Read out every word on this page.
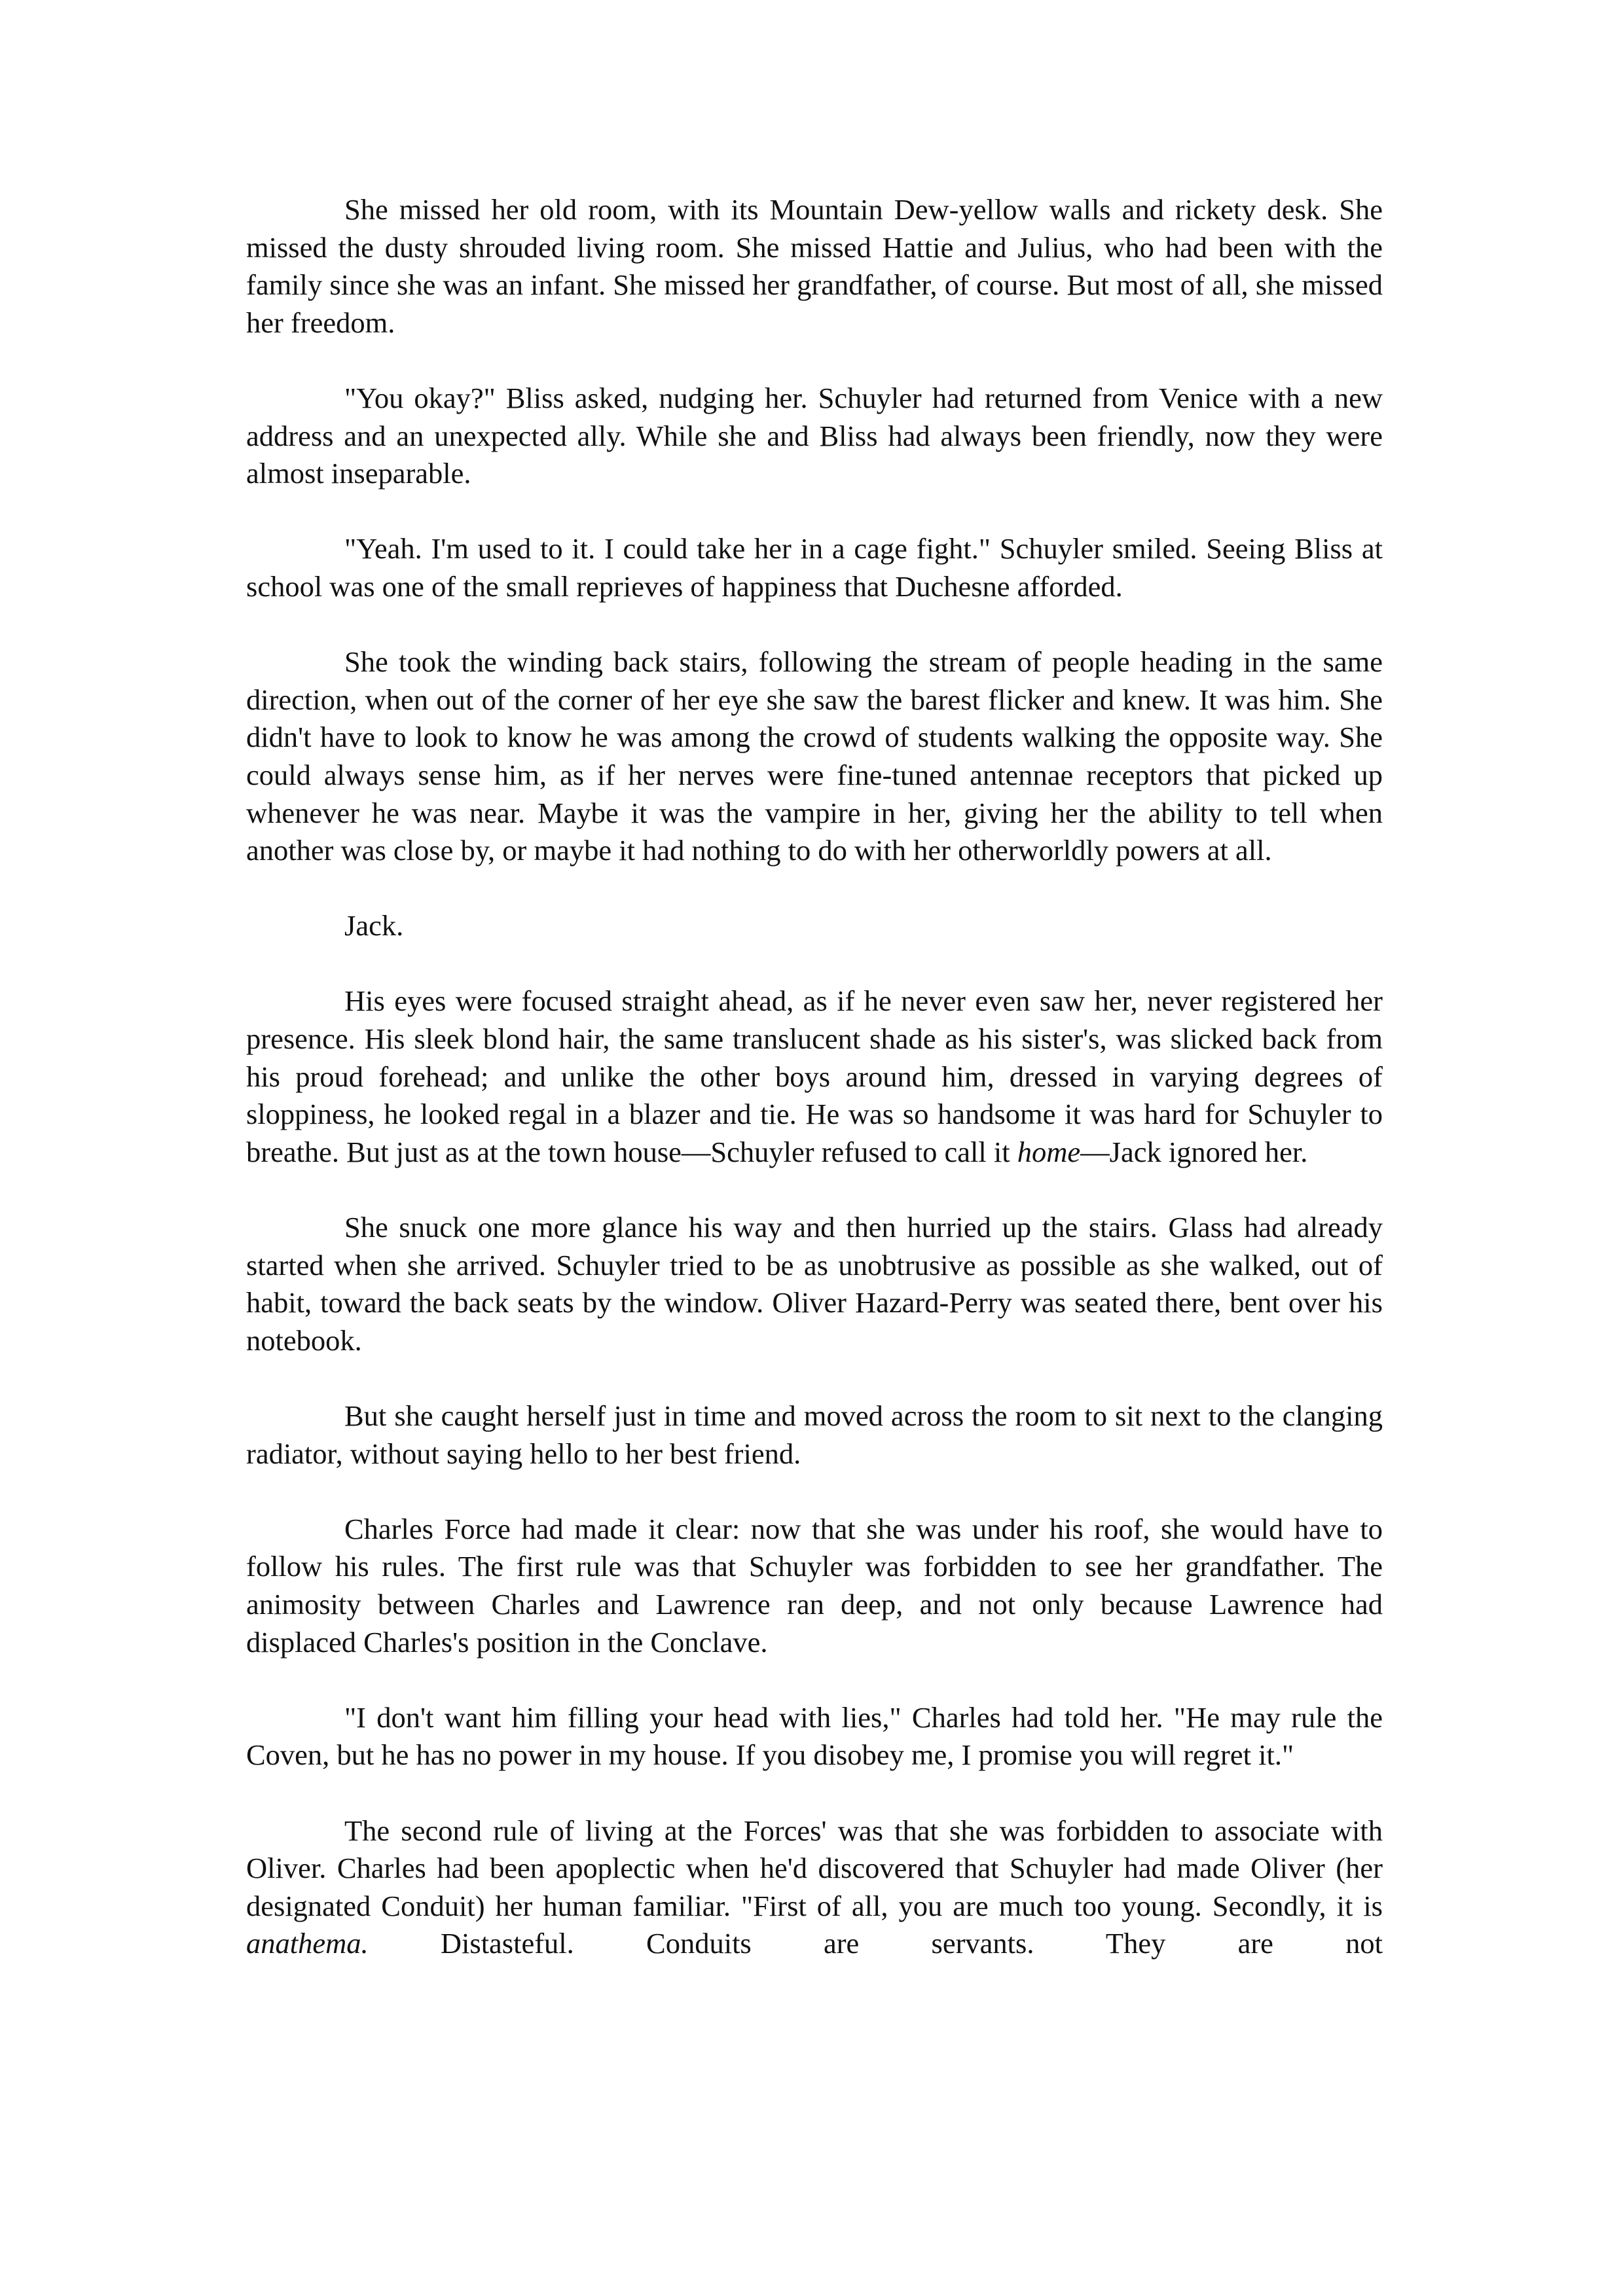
She missed her old room, with its Mountain Dew-yellow walls and rickety desk. She missed the dusty shrouded living room. She missed Hattie and Julius, who had been with the family since she was an infant. She missed her grandfather, of course. But most of all, she missed her freedom.

"You okay?" Bliss asked, nudging her. Schuyler had returned from Venice with a new address and an unexpected ally. While she and Bliss had always been friendly, now they were almost inseparable.

"Yeah. I'm used to it. I could take her in a cage fight." Schuyler smiled. Seeing Bliss at school was one of the small reprieves of happiness that Duchesne afforded.

She took the winding back stairs, following the stream of people heading in the same direction, when out of the corner of her eye she saw the barest flicker and knew. It was him. She didn't have to look to know he was among the crowd of students walking the opposite way. She could always sense him, as if her nerves were fine-tuned antennae receptors that picked up whenever he was near. Maybe it was the vampire in her, giving her the ability to tell when another was close by, or maybe it had nothing to do with her otherworldly powers at all.

Jack.

His eyes were focused straight ahead, as if he never even saw her, never registered her presence. His sleek blond hair, the same translucent shade as his sister's, was slicked back from his proud forehead; and unlike the other boys around him, dressed in varying degrees of sloppiness, he looked regal in a blazer and tie. He was so handsome it was hard for Schuyler to breathe. But just as at the town house—Schuyler refused to call it home—Jack ignored her.

She snuck one more glance his way and then hurried up the stairs. Glass had already started when she arrived. Schuyler tried to be as unobtrusive as possible as she walked, out of habit, toward the back seats by the window. Oliver Hazard-Perry was seated there, bent over his notebook.

But she caught herself just in time and moved across the room to sit next to the clanging radiator, without saying hello to her best friend.

Charles Force had made it clear: now that she was under his roof, she would have to follow his rules. The first rule was that Schuyler was forbidden to see her grandfather. The animosity between Charles and Lawrence ran deep, and not only because Lawrence had displaced Charles's position in the Conclave.

"I don't want him filling your head with lies," Charles had told her. "He may rule the Coven, but he has no power in my house. If you disobey me, I promise you will regret it."

The second rule of living at the Forces' was that she was forbidden to associate with Oliver. Charles had been apoplectic when he'd discovered that Schuyler had made Oliver (her designated Conduit) her human familiar. "First of all, you are much too young. Secondly, it is anathema. Distasteful. Conduits are servants. They are not
